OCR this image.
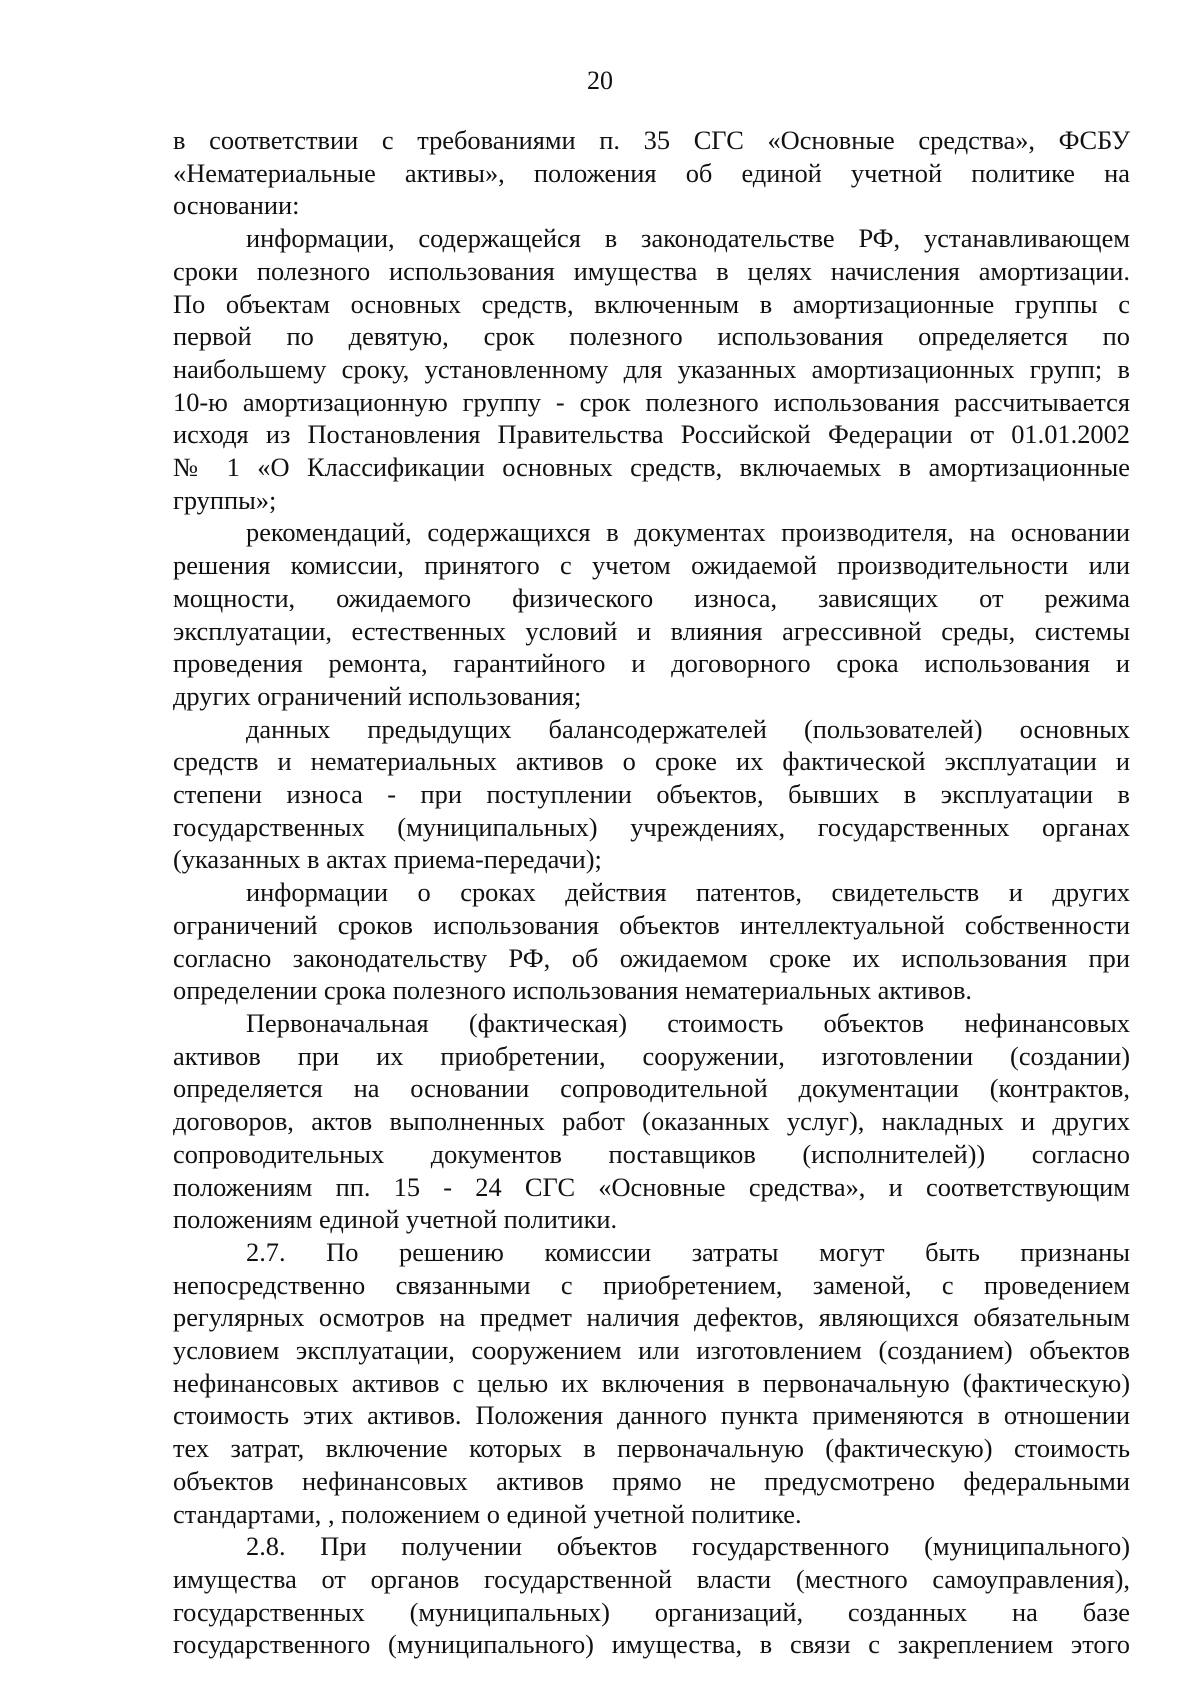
20
в соответствии с требованиями п. 35 СГС «Основные средства», ФСБУ
«Нематериальные активы», положения об единой учетной политике на
основании:
информации, содержащейся в законодательстве РФ, устанавливающем
сроки полезного использования имущества в целях начисления амортизации.
По объектам основных средств, включенным в амортизационные группы с
первой по девятую, срок полезного использования определяется по
наибольшему сроку, установленному для указанных амортизационных групп; в
10-ю амортизационную группу - срок полезного использования рассчитывается
исходя из Постановления Правительства Российской Федерации от 01.01.2002
№ 1 «О Классификации основных средств, включаемых в амортизационные
группы»;
рекомендаций, содержащихся в документах производителя, на основании
решения комиссии, принятого с учетом ожидаемой производительности или
мощности, ожидаемого физического износа, зависящих от режима
эксплуатации, естественных условий и влияния агрессивной среды, системы
проведения ремонта, гарантийного и договорного срока использования и
других ограничений использования;
данных предыдущих балансодержателей (пользователей) основных
средств и нематериальных активов о сроке их фактической эксплуатации и
степени износа - при поступлении объектов, бывших в эксплуатации в
государственных (муниципальных) учреждениях, государственных органах
(указанных в актах приема-передачи);
информации о сроках действия патентов, свидетельств и других
ограничений сроков использования объектов интеллектуальной собственности
согласно законодательству РФ, об ожидаемом сроке их использования при
определении срока полезного использования нематериальных активов.
Первоначальная (фактическая) стоимость объектов нефинансовых
активов при их приобретении, сооружении, изготовлении (создании)
определяется на основании сопроводительной документации (контрактов,
договоров, актов выполненных работ (оказанных услуг), накладных и других
сопроводительных документов поставщиков (исполнителей)) согласно
положениям пп. 15 - 24 СГС «Основные средства», и соответствующим
положениям единой учетной политики.
2.7. По решению комиссии затраты могут быть признаны
непосредственно связанными с приобретением, заменой, с проведением
регулярных осмотров на предмет наличия дефектов, являющихся обязательным
условием эксплуатации, сооружением или изготовлением (созданием) объектов
нефинансовых активов с целью их включения в первоначальную (фактическую)
стоимость этих активов. Положения данного пункта применяются в отношении
тех затрат, включение которых в первоначальную (фактическую) стоимость
объектов нефинансовых активов прямо не предусмотрено федеральными
стандартами, , положением о единой учетной политике.
2.8. При получении объектов государственного (муниципального)
имущества от органов государственной власти (местного самоуправления),
государственных (муниципальных) организаций, созданных на базе
государственного (муниципального) имущества, в связи с закреплением этого
